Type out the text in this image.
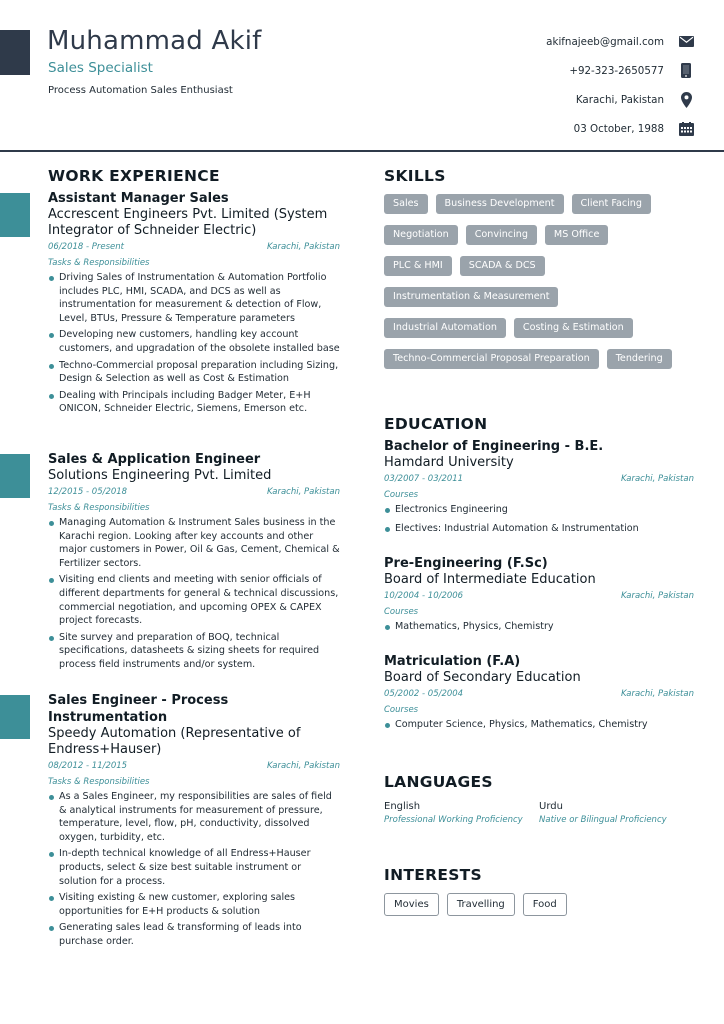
Muhammad Akif
Sales Specialist
Process Automation Sales Enthusiast
akifnajeeb@gmail.com
+92-323-2650577
Karachi, Pakistan
03 October, 1988
WORK EXPERIENCE
Assistant Manager Sales
Accrescent Engineers Pvt. Limited (System Integrator of Schneider Electric)
06/2018 - Present	Karachi, Pakistan
Tasks & Responsibilities
Driving Sales of Instrumentation & Automation Portfolio includes PLC, HMI, SCADA, and DCS as well as instrumentation for measurement & detection of Flow, Level, BTUs, Pressure & Temperature parameters
Developing new customers, handling key account customers, and upgradation of the obsolete installed base
Techno-Commercial proposal preparation including Sizing, Design & Selection as well as Cost & Estimation
Dealing with Principals including Badger Meter, E+H ONICON, Schneider Electric, Siemens, Emerson etc.
Sales & Application Engineer
Solutions Engineering Pvt. Limited
12/2015 - 05/2018	Karachi, Pakistan
Tasks & Responsibilities
Managing Automation & Instrument Sales business in the Karachi region. Looking after key accounts and other major customers in Power, Oil & Gas, Cement, Chemical & Fertilizer sectors.
Visiting end clients and meeting with senior officials of different departments for general & technical discussions, commercial negotiation, and upcoming OPEX & CAPEX project forecasts.
Site survey and preparation of BOQ, technical specifications, datasheets & sizing sheets for required process field instruments and/or system.
Sales Engineer - Process Instrumentation
Speedy Automation (Representative of Endress+Hauser)
08/2012 - 11/2015	Karachi, Pakistan
Tasks & Responsibilities
As a Sales Engineer, my responsibilities are sales of field & analytical instruments for measurement of pressure, temperature, level, flow, pH, conductivity, dissolved oxygen, turbidity, etc.
In-depth technical knowledge of all Endress+Hauser products, select & size best suitable instrument or solution for a process.
Visiting existing & new customer, exploring sales opportunities for E+H products & solution
Generating sales lead & transforming of leads into purchase order.
SKILLS
Sales	Business Development	Client Facing
Negotiation	Convincing	MS Office
PLC & HMI	SCADA & DCS
Instrumentation & Measurement
Industrial Automation	Costing & Estimation
Techno-Commercial Proposal Preparation	Tendering
EDUCATION
Bachelor of Engineering - B.E.
Hamdard University
03/2007 - 03/2011	Karachi, Pakistan
Courses
Electronics Engineering
Electives: Industrial Automation & Instrumentation
Pre-Engineering (F.Sc)
Board of Intermediate Education
10/2004 - 10/2006	Karachi, Pakistan
Courses
Mathematics, Physics, Chemistry
Matriculation (F.A)
Board of Secondary Education
05/2002 - 05/2004	Karachi, Pakistan
Courses
Computer Science, Physics, Mathematics, Chemistry
LANGUAGES
English
Professional Working Proficiency
Urdu
Native or Bilingual Proficiency
INTERESTS
Movies	Travelling	Food
